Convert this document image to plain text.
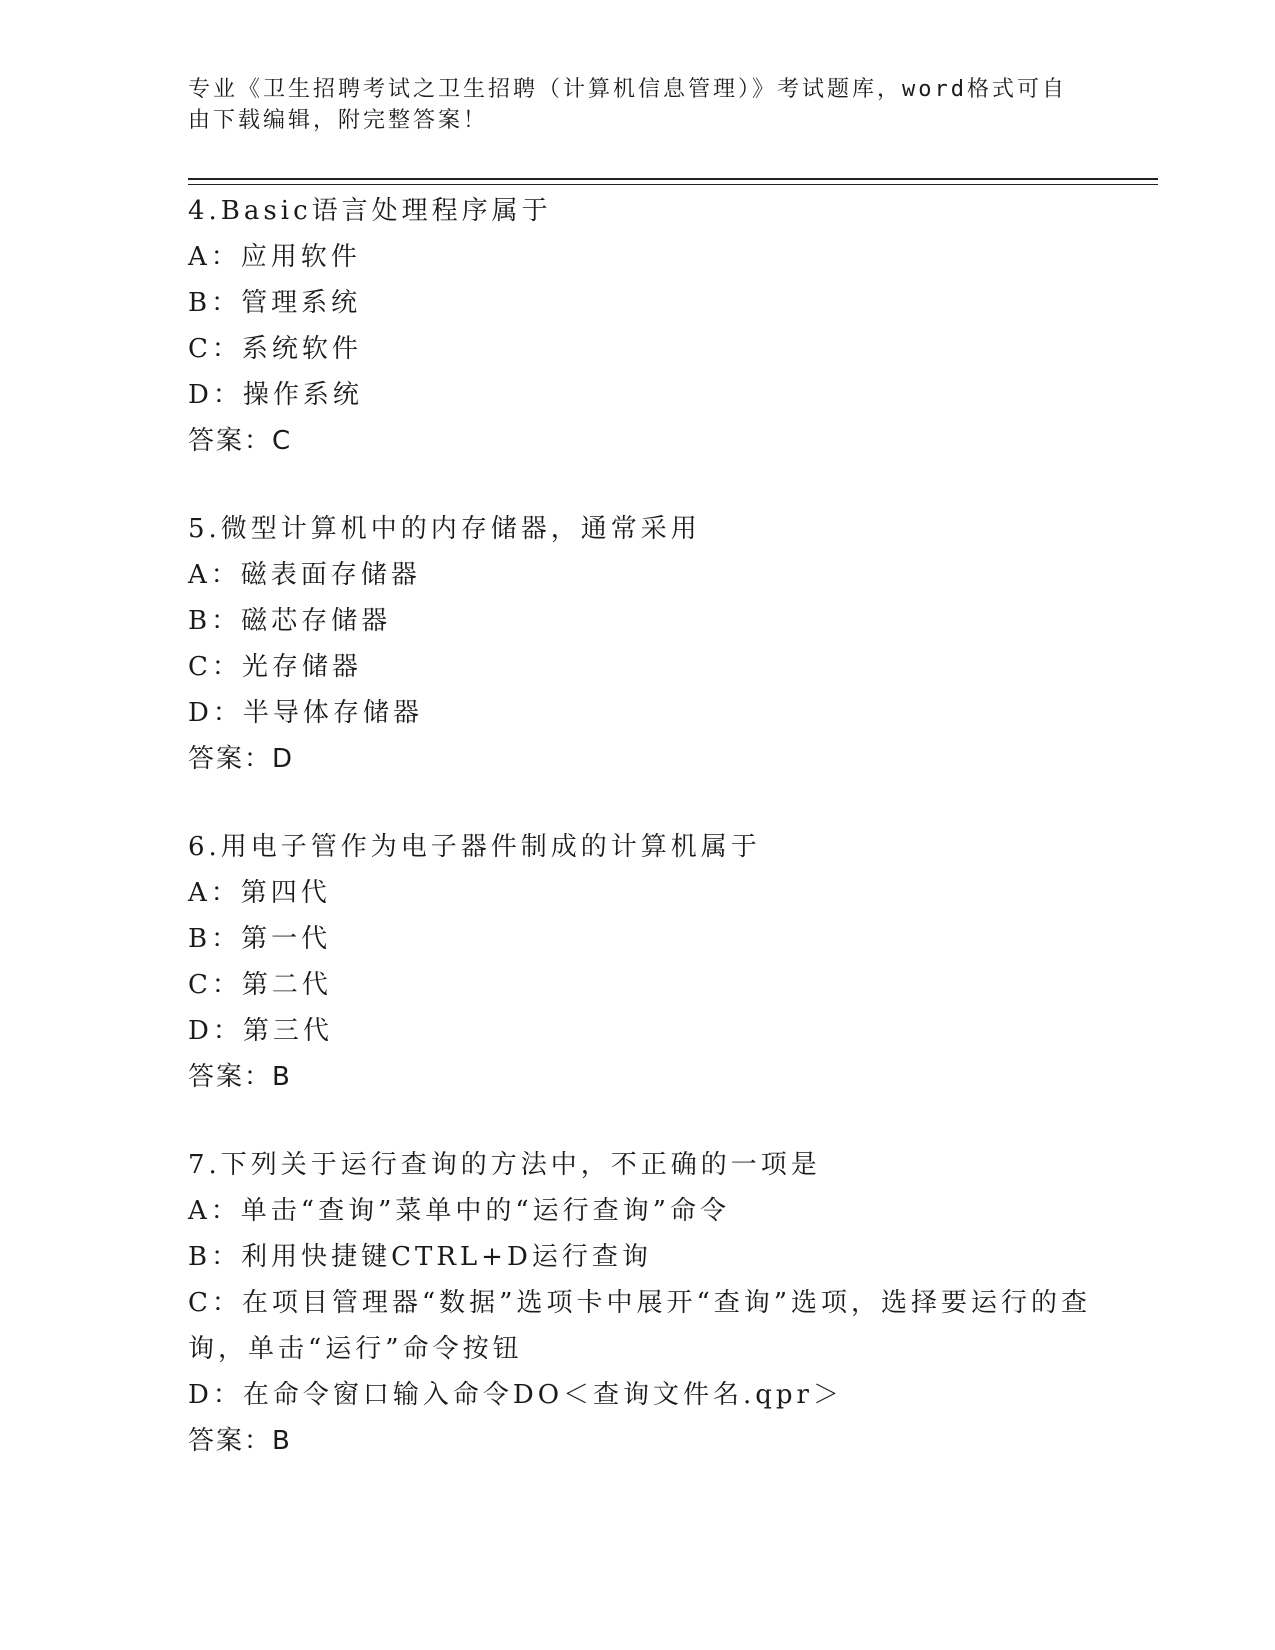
专业《卫生招聘考试之卫生招聘（计算机信息管理）》考试题库，word格式可自由下载编辑，附完整答案！
4.Basic语言处理程序属于
A：应用软件
B：管理系统
C：系统软件
D：操作系统
答案：C
5.微型计算机中的内存储器，通常采用
A：磁表面存储器
B：磁芯存储器
C：光存储器
D：半导体存储器
答案：D
6.用电子管作为电子器件制成的计算机属于
A：第四代
B：第一代
C：第二代
D：第三代
答案：B
7.下列关于运行查询的方法中，不正确的一项是
A：单击“查询”菜单中的“运行查询”命令
B：利用快捷键CTRL+D运行查询
C：在项目管理器“数据”选项卡中展开“查询”选项，选择要运行的查询，单击“运行”命令按钮
D：在命令窗口输入命令DO＜查询文件名.qpr＞
答案：B
